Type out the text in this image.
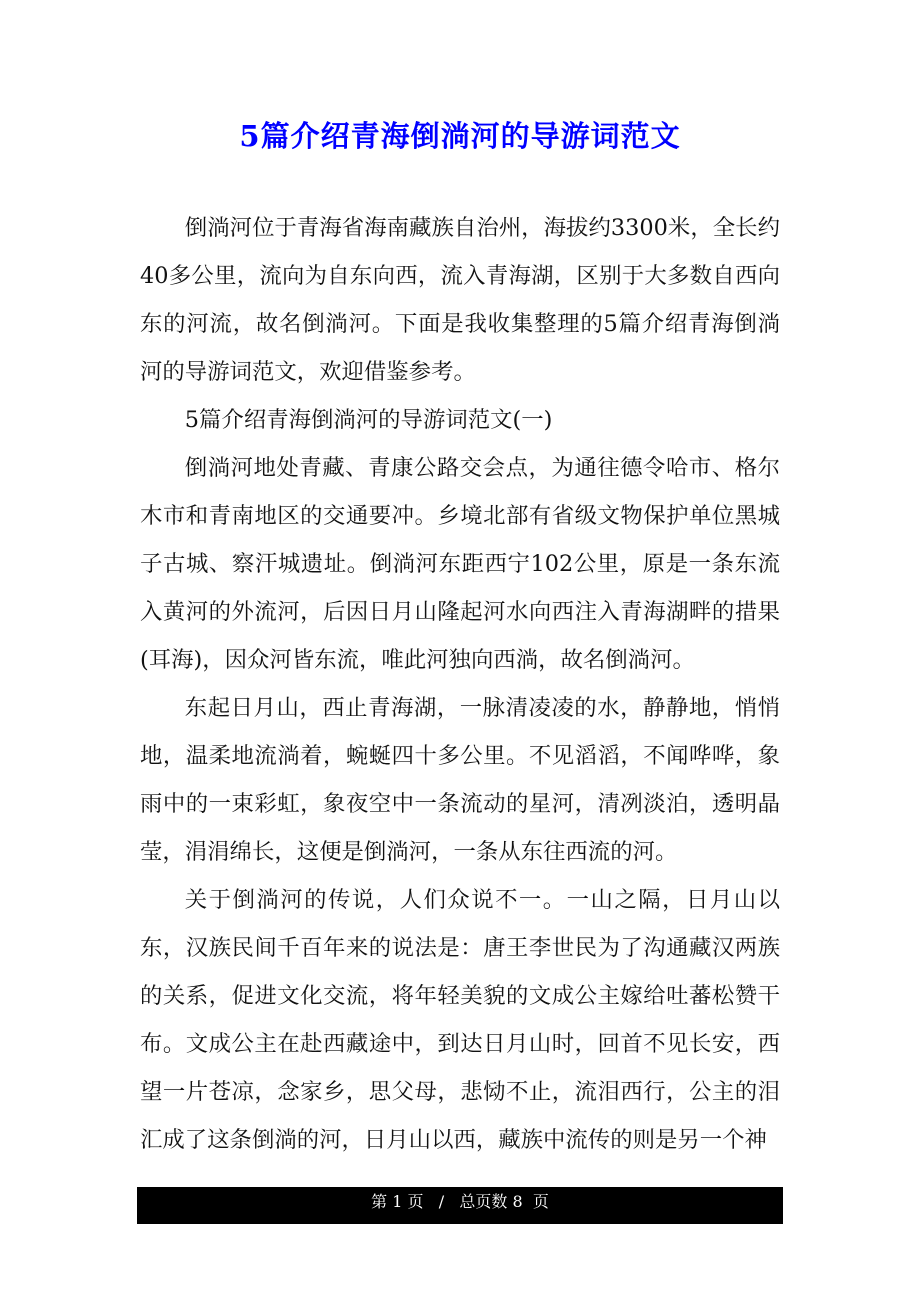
5篇介绍青海倒淌河的导游词范文

倒淌河位于青海省海南藏族自治州，海拔约3300米，全长约40多公里，流向为自东向西，流入青海湖，区别于大多数自西向东的河流，故名倒淌河。下面是我收集整理的5篇介绍青海倒淌河的导游词范文，欢迎借鉴参考。

5篇介绍青海倒淌河的导游词范文(一)

倒淌河地处青藏、青康公路交会点，为通往德令哈市、格尔木市和青南地区的交通要冲。乡境北部有省级文物保护单位黑城子古城、察汗城遗址。倒淌河东距西宁102公里，原是一条东流入黄河的外流河，后因日月山隆起河水向西注入青海湖畔的措果(耳海)，因众河皆东流，唯此河独向西淌，故名倒淌河。

东起日月山，西止青海湖，一脉清凌凌的水，静静地，悄悄地，温柔地流淌着，蜿蜒四十多公里。不见滔滔，不闻哗哗，象雨中的一束彩虹，象夜空中一条流动的星河，清冽淡泊，透明晶莹，涓涓绵长，这便是倒淌河，一条从东往西流的河。

关于倒淌河的传说，人们众说不一。一山之隔，日月山以东，汉族民间千百年来的说法是：唐王李世民为了沟通藏汉两族的关系，促进文化交流，将年轻美貌的文成公主嫁给吐蕃松赞干布。文成公主在赴西藏途中，到达日月山时，回首不见长安，西望一片苍凉，念家乡，思父母，悲恸不止，流泪西行，公主的泪汇成了这条倒淌的河，日月山以西，藏族中流传的则是另一个神

第 1 页   /   总页数 8  页
